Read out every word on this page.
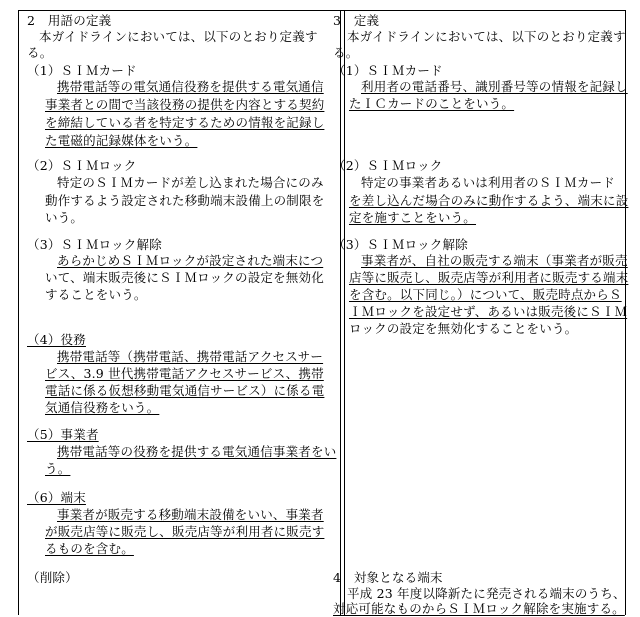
2　用語の定義
本ガイドラインにおいては、以下のとおり定義す
る。
（1）ＳＩＭカード
携帯電話等の電気通信役務を提供する電気通信
事業者との間で当該役務の提供を内容とする契約
を締結している者を特定するための情報を記録し
た電磁的記録媒体をいう。
（2）ＳＩＭロック
特定のＳＩＭカードが差し込まれた場合にのみ
動作するよう設定された移動端末設備上の制限を
いう。
（3）ＳＩＭロック解除
あらかじめＳＩＭロックが設定された端末につ
いて、端末販売後にＳＩＭロックの設定を無効化
することをいう。
（4）役務
携帯電話等（携帯電話、携帯電話アクセスサー
ビス、3.9 世代携帯電話アクセスサービス、携帯
電話に係る仮想移動電気通信サービス）に係る電
気通信役務をいう。
（5）事業者
携帯電話等の役務を提供する電気通信事業者をい
う。
（6）端末
事業者が販売する移動端末設備をいい、事業者
が販売店等に販売し、販売店等が利用者に販売す
るものを含む。
（削除）
3　定義
本ガイドラインにおいては、以下のとおり定義す
る。
（1）ＳＩＭカード
利用者の電話番号、識別番号等の情報を記録し
たＩＣカードのことをいう。
（2）ＳＩＭロック
特定の事業者あるいは利用者のＳＩＭカード
を差し込んだ場合のみに動作するよう、端末に設
定を施すことをいう。
（3）ＳＩＭロック解除
事業者が、自社の販売する端末（事業者が販売
店等に販売し、販売店等が利用者に販売する端末
を含む。以下同じ。）について、販売時点からＳ
ＩＭロックを設定せず、あるいは販売後にＳＩＭ
ロックの設定を無効化することをいう。
4　対象となる端末
平成 23 年度以降新たに発売される端末のうち、
対応可能なものからＳＩＭロック解除を実施する。
